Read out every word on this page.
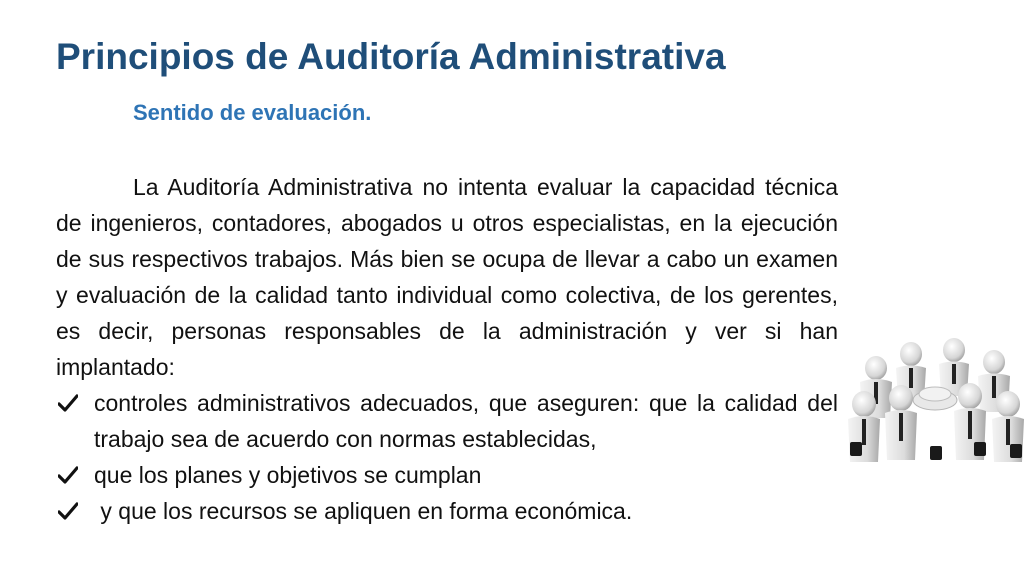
Principios de Auditoría Administrativa
Sentido de evaluación.

La Auditoría Administrativa no intenta evaluar la capacidad técnica de ingenieros, contadores, abogados u otros especialistas, en la ejecución de sus respectivos trabajos. Más bien se ocupa de llevar a cabo un examen y evaluación de la calidad tanto individual como colectiva, de los gerentes, es decir, personas responsables de la administración y ver si han implantado:

controles administrativos adecuados, que aseguren: que la calidad del trabajo sea de acuerdo con normas establecidas,
que los planes y objetivos se cumplan
y que los recursos se apliquen en forma económica.
